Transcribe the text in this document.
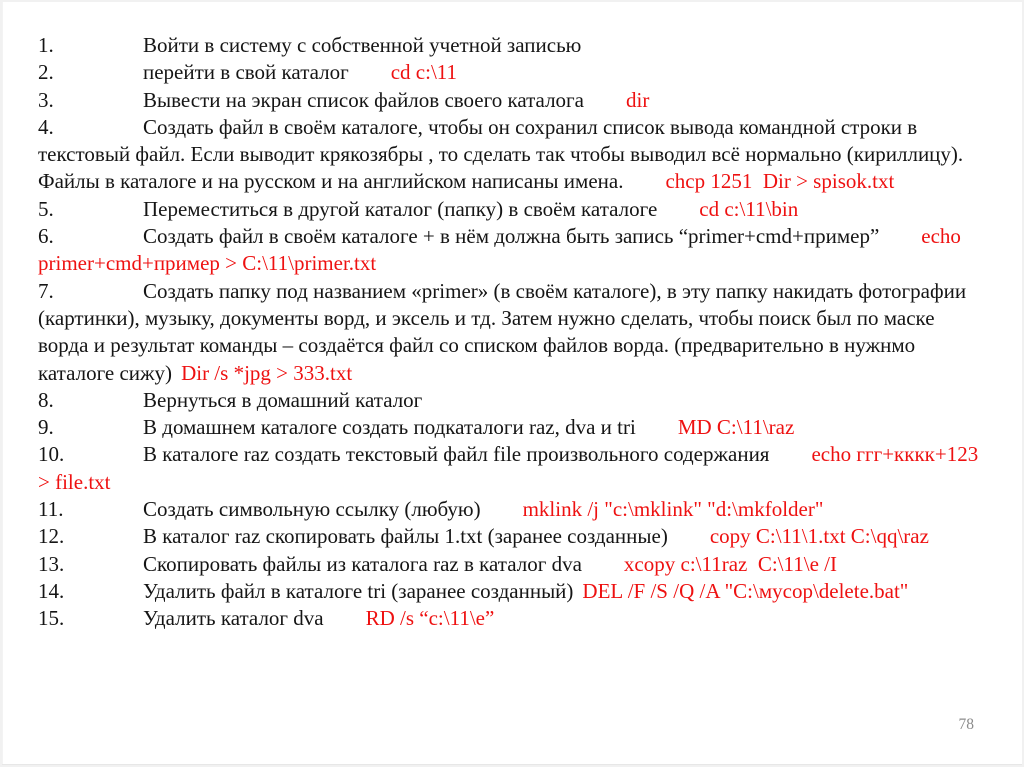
1.	Войти в систему с собственной учетной записью
2.	перейти в свой каталог cd c:\11
3.	Вывести на экран список файлов своего каталога dir
4.	Создать файл в своём каталоге, чтобы он сохранил список вывода командной строки в текстовый файл. Если выводит крякозябры , то сделать так чтобы выводил всё нормально (кириллицу). Файлы в каталоге и на русском и на английском написаны имена. chcp 1251  Dir > spisok.txt
5.	Переместиться в другой каталог (папку) в своём каталоге cd c:\11\bin
6.	Создать файл в своём каталоге + в нём должна быть запись “primer+cmd+пример” echo primer+cmd+пример > C:\11\primer.txt
7.	Создать папку под названием «primer» (в своём каталоге), в эту папку накидать фотографии (картинки), музыку, документы ворд, и эксель и тд. Затем нужно сделать, чтобы поиск был по маске ворда и результат команды – создаётся файл со списком файлов ворда. (предварительно в нужнмо каталоге сижу) Dir /s *jpg > 333.txt
8.	Вернуться в домашний каталог
9.	В домашнем каталоге создать подкаталоги raz, dva и tri MD C:\11\raz
10.	В каталоге raz создать текстовый файл file произвольного содержания echo ггг+кккк+123 > file.txt
11.	Создать символьную ссылку (любую) mklink /j "c:\mklink" "d:\mkfolder"
12.	В каталог raz скопировать файлы 1.txt (заранее созданные) copy C:\11\1.txt C:\qq\raz
13.	Скопировать файлы из каталога raz в каталог dva xcopy c:\11raz  C:\11\e /I
14.	Удалить файл в каталоге tri (заранее созданный) DEL /F /S /Q /A "C:\мусор\delete.bat"
15.	Удалить каталог dva RD /s “c:\11\e”
78
